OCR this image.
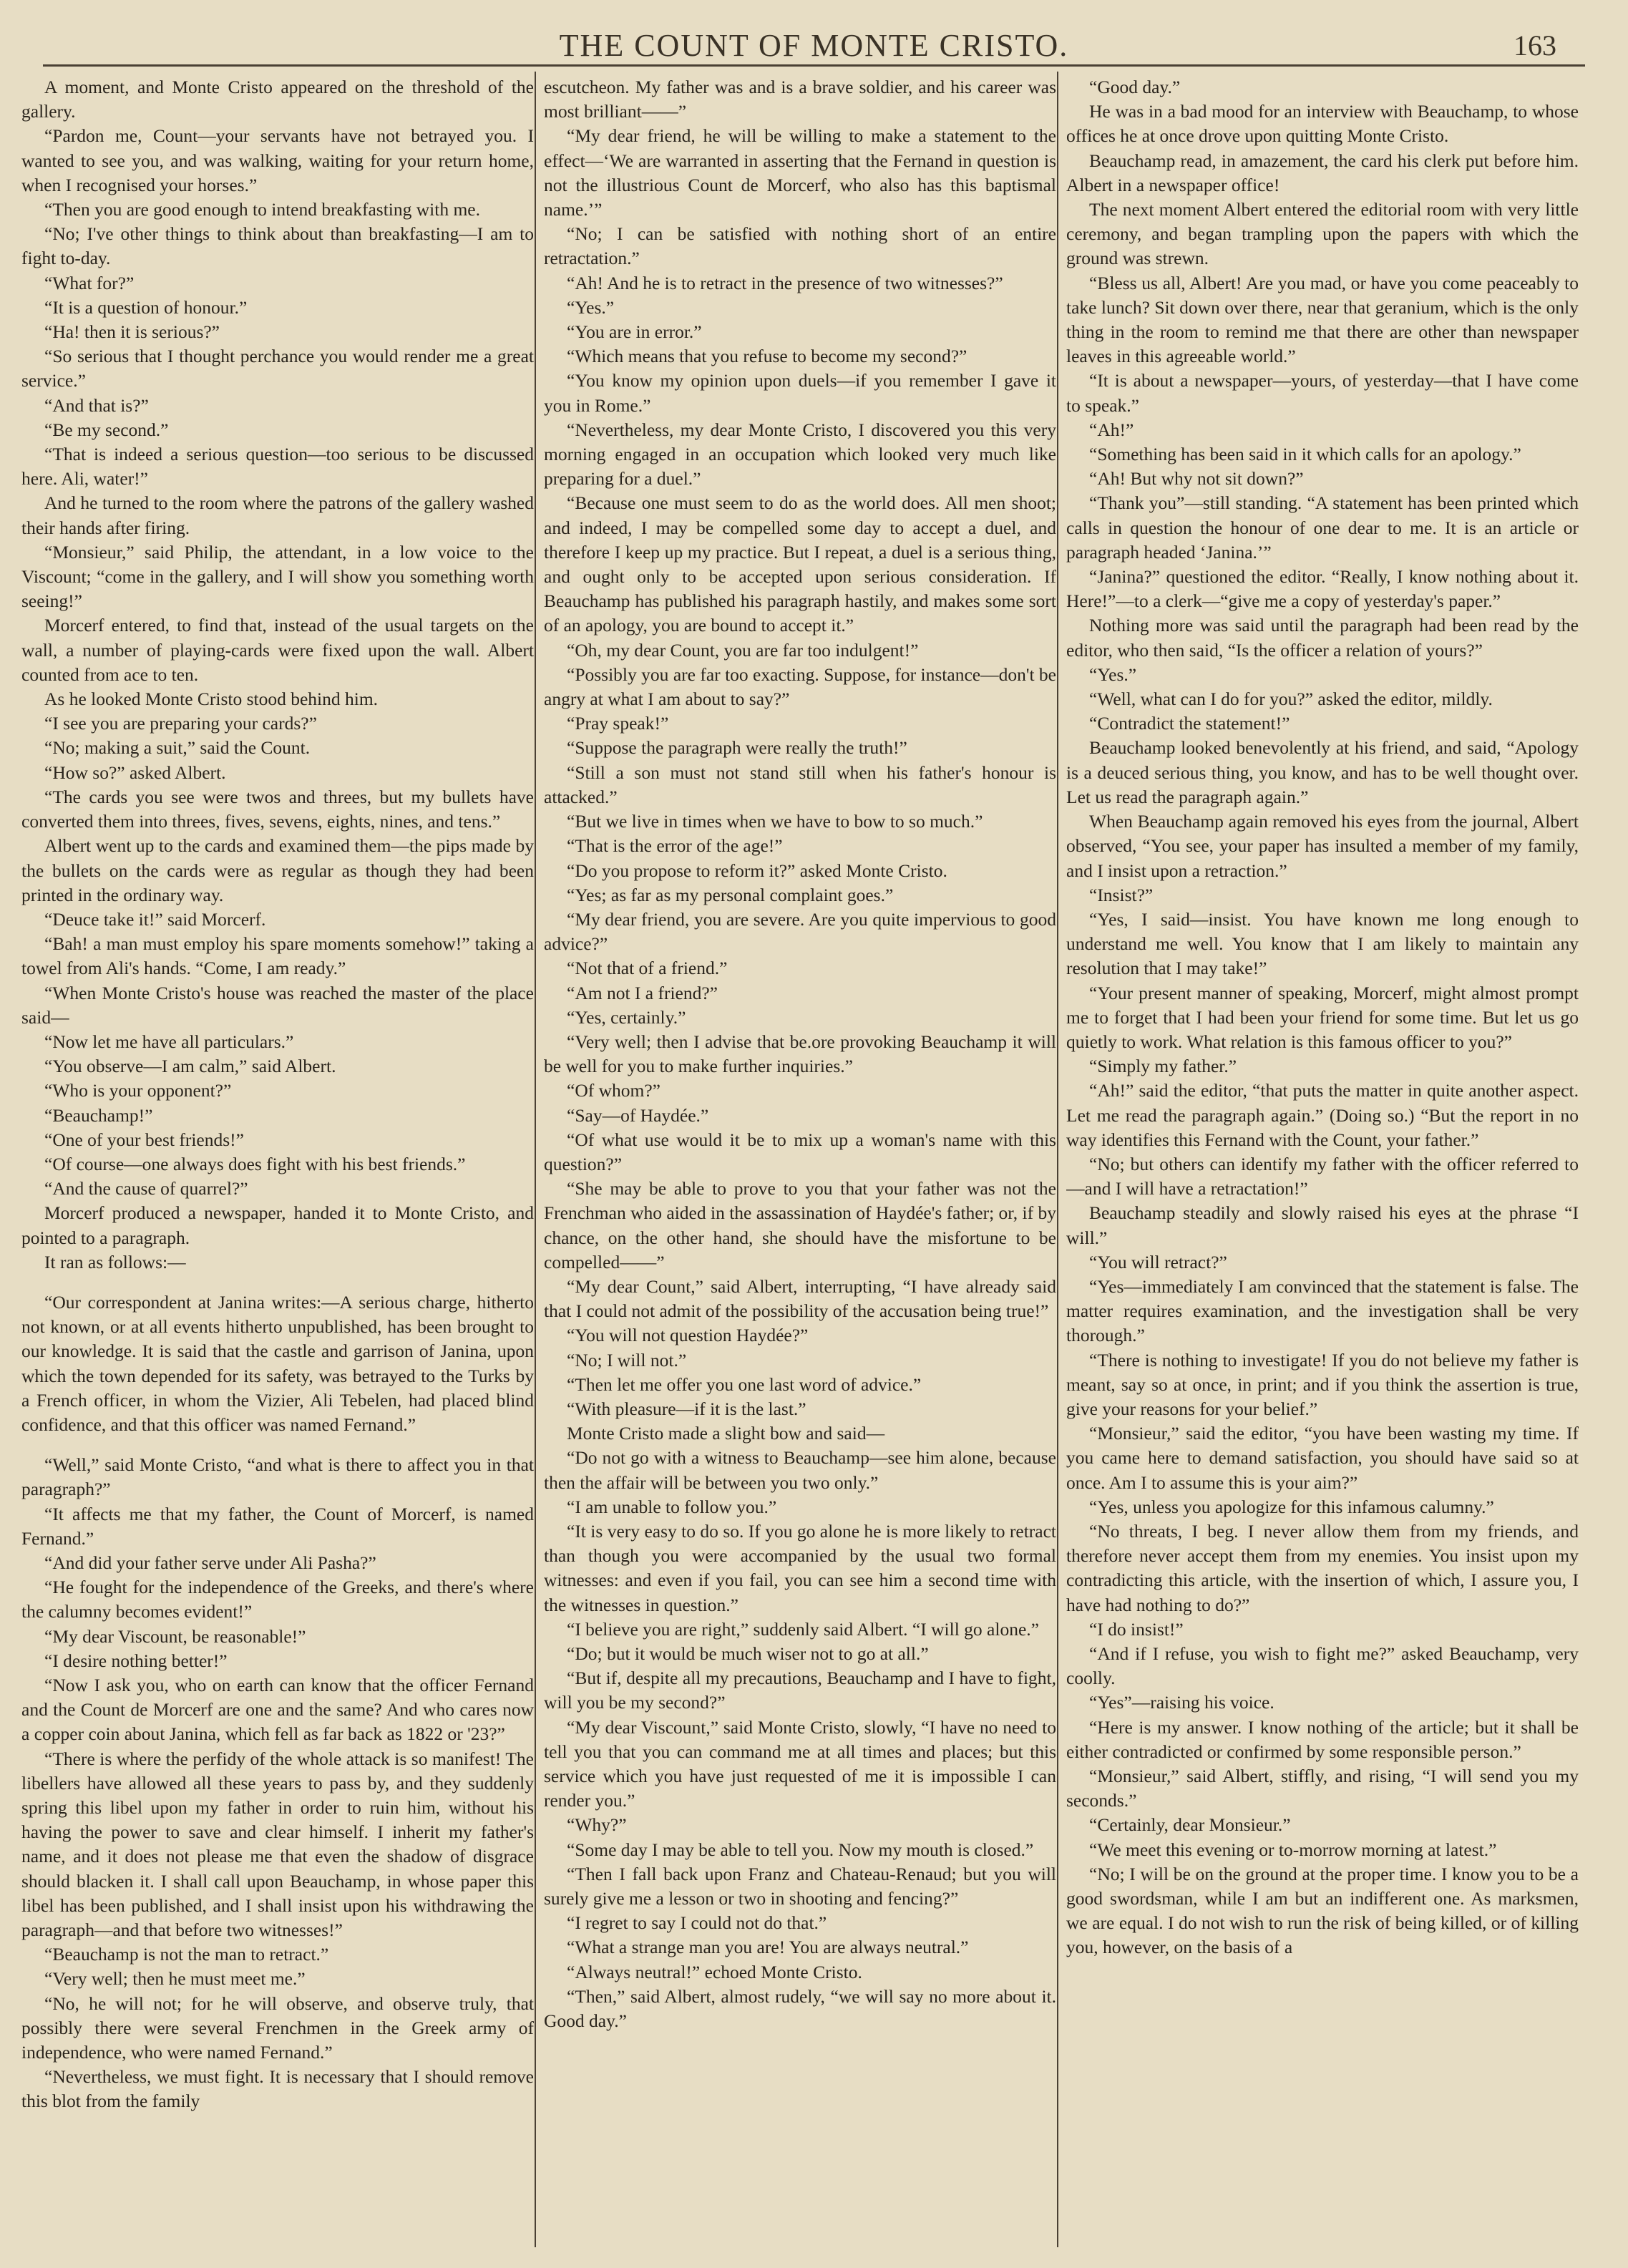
THE COUNT OF MONTE CRISTO.	163

A moment, and Monte Cristo appeared on the threshold of the gallery.

“Pardon me, Count—your servants have not betrayed you. I wanted to see you, and was walking, waiting for your return home, when I recognised your horses.”

“Then you are good enough to intend breakfasting with me.

“No; I've other things to think about than breakfasting—I am to fight to-day.

“What for?”

“It is a question of honour.”

“Ha! then it is serious?”

“So serious that I thought perchance you would render me a great service.”

“And that is?”

“Be my second.”

“That is indeed a serious question—too serious to be discussed here. Ali, water!”

And he turned to the room where the patrons of the gallery washed their hands after firing.

“Monsieur,” said Philip, the attendant, in a low voice to the Viscount; “come in the gallery, and I will show you something worth seeing!”

Morcerf entered, to find that, instead of the usual targets on the wall, a number of playing-cards were fixed upon the wall. Albert counted from ace to ten.

As he looked Monte Cristo stood behind him.

“I see you are preparing your cards?”

“No; making a suit,” said the Count.

“How so?” asked Albert.

“The cards you see were twos and threes, but my bullets have converted them into threes, fives, sevens, eights, nines, and tens.”

Albert went up to the cards and examined them—the pips made by the bullets on the cards were as regular as though they had been printed in the ordinary way.

“Deuce take it!” said Morcerf.

“Bah! a man must employ his spare moments somehow!” taking a towel from Ali's hands. “Come, I am ready.”

“When Monte Cristo's house was reached the master of the place said—

“Now let me have all particulars.”

“You observe—I am calm,” said Albert.

“Who is your opponent?”

“Beauchamp!”

“One of your best friends!”

“Of course—one always does fight with his best friends.”

“And the cause of quarrel?”

Morcerf produced a newspaper, handed it to Monte Cristo, and pointed to a paragraph.

It ran as follows:—

“Our correspondent at Janina writes:—A serious charge, hitherto not known, or at all events hitherto unpublished, has been brought to our knowledge. It is said that the castle and garrison of Janina, upon which the town depended for its safety, was betrayed to the Turks by a French officer, in whom the Vizier, Ali Tebelen, had placed blind confidence, and that this officer was named Fernand.”

“Well,” said Monte Cristo, “and what is there to affect you in that paragraph?”

“It affects me that my father, the Count of Morcerf, is named Fernand.”

“And did your father serve under Ali Pasha?”

“He fought for the independence of the Greeks, and there's where the calumny becomes evident!”

“My dear Viscount, be reasonable!”

“I desire nothing better!”

“Now I ask you, who on earth can know that the officer Fernand and the Count de Morcerf are one and the same? And who cares now a copper coin about Janina, which fell as far back as 1822 or '23?”

“There is where the perfidy of the whole attack is so manifest! The libellers have allowed all these years to pass by, and they suddenly spring this libel upon my father in order to ruin him, without his having the power to save and clear himself. I inherit my father's name, and it does not please me that even the shadow of disgrace should blacken it. I shall call upon Beauchamp, in whose paper this libel has been published, and I shall insist upon his withdrawing the paragraph—and that before two witnesses!”

“Beauchamp is not the man to retract.”

“Very well; then he must meet me.”

“No, he will not; for he will observe, and observe truly, that possibly there were several Frenchmen in the Greek army of independence, who were named Fernand.”

“Nevertheless, we must fight. It is necessary that I should remove this blot from the family

escutcheon. My father was and is a brave soldier, and his career was most brilliant——”

“My dear friend, he will be willing to make a statement to the effect—‘We are warranted in asserting that the Fernand in question is not the illustrious Count de Morcerf, who also has this baptismal name.’”

“No; I can be satisfied with nothing short of an entire retractation.”

“Ah! And he is to retract in the presence of two witnesses?”

“Yes.”

“You are in error.”

“Which means that you refuse to become my second?”

“You know my opinion upon duels—if you remember I gave it you in Rome.”

“Nevertheless, my dear Monte Cristo, I discovered you this very morning engaged in an occupation which looked very much like preparing for a duel.”

“Because one must seem to do as the world does. All men shoot; and indeed, I may be compelled some day to accept a duel, and therefore I keep up my practice. But I repeat, a duel is a serious thing, and ought only to be accepted upon serious consideration. If Beauchamp has published his paragraph hastily, and makes some sort of an apology, you are bound to accept it.”

“Oh, my dear Count, you are far too indulgent!”

“Possibly you are far too exacting. Suppose, for instance—don't be angry at what I am about to say?”

“Pray speak!”

“Suppose the paragraph were really the truth!”

“Still a son must not stand still when his father's honour is attacked.”

“But we live in times when we have to bow to so much.”

“That is the error of the age!”

“Do you propose to reform it?” asked Monte Cristo.

“Yes; as far as my personal complaint goes.”

“My dear friend, you are severe. Are you quite impervious to good advice?”

“Not that of a friend.”

“Am not I a friend?”

“Yes, certainly.”

“Very well; then I advise that be.ore provoking Beauchamp it will be well for you to make further inquiries.”

“Of whom?”

“Say—of Haydée.”

“Of what use would it be to mix up a woman's name with this question?”

“She may be able to prove to you that your father was not the Frenchman who aided in the assassination of Haydée's father; or, if by chance, on the other hand, she should have the misfortune to be compelled——”

“My dear Count,” said Albert, interrupting, “I have already said that I could not admit of the possibility of the accusation being true!”

“You will not question Haydée?”

“No; I will not.”

“Then let me offer you one last word of advice.”

“With pleasure—if it is the last.”

Monte Cristo made a slight bow and said—

“Do not go with a witness to Beauchamp—see him alone, because then the affair will be between you two only.”

“I am unable to follow you.”

“It is very easy to do so. If you go alone he is more likely to retract than though you were accompanied by the usual two formal witnesses: and even if you fail, you can see him a second time with the witnesses in question.”

“I believe you are right,” suddenly said Albert. “I will go alone.”

“Do; but it would be much wiser not to go at all.”

“But if, despite all my precautions, Beauchamp and I have to fight, will you be my second?”

“My dear Viscount,” said Monte Cristo, slowly, “I have no need to tell you that you can command me at all times and places; but this service which you have just requested of me it is impossible I can render you.”

“Why?”

“Some day I may be able to tell you. Now my mouth is closed.”

“Then I fall back upon Franz and Chateau-Renaud; but you will surely give me a lesson or two in shooting and fencing?”

“I regret to say I could not do that.”

“What a strange man you are! You are always neutral.”

“Always neutral!” echoed Monte Cristo.

“Then,” said Albert, almost rudely, “we will say no more about it. Good day.”

“Good day.”

He was in a bad mood for an interview with Beauchamp, to whose offices he at once drove upon quitting Monte Cristo.

Beauchamp read, in amazement, the card his clerk put before him. Albert in a newspaper office!

The next moment Albert entered the editorial room with very little ceremony, and began trampling upon the papers with which the ground was strewn.

“Bless us all, Albert! Are you mad, or have you come peaceably to take lunch? Sit down over there, near that geranium, which is the only thing in the room to remind me that there are other than newspaper leaves in this agreeable world.”

“It is about a newspaper—yours, of yesterday—that I have come to speak.”

“Ah!”

“Something has been said in it which calls for an apology.”

“Ah! But why not sit down?”

“Thank you”—still standing. “A statement has been printed which calls in question the honour of one dear to me. It is an article or paragraph headed ‘Janina.’”

“Janina?” questioned the editor. “Really, I know nothing about it. Here!”—to a clerk—“give me a copy of yesterday's paper.”

Nothing more was said until the paragraph had been read by the editor, who then said, “Is the officer a relation of yours?”

“Yes.”

“Well, what can I do for you?” asked the editor, mildly.

“Contradict the statement!”

Beauchamp looked benevolently at his friend, and said, “Apology is a deuced serious thing, you know, and has to be well thought over. Let us read the paragraph again.”

When Beauchamp again removed his eyes from the journal, Albert observed, “You see, your paper has insulted a member of my family, and I insist upon a retraction.”

“Insist?”

“Yes, I said—insist. You have known me long enough to understand me well. You know that I am likely to maintain any resolution that I may take!”

“Your present manner of speaking, Morcerf, might almost prompt me to forget that I had been your friend for some time. But let us go quietly to work. What relation is this famous officer to you?”

“Simply my father.”

“Ah!” said the editor, “that puts the matter in quite another aspect. Let me read the paragraph again.” (Doing so.) “But the report in no way identifies this Fernand with the Count, your father.”

“No; but others can identify my father with the officer referred to—and I will have a retractation!”

Beauchamp steadily and slowly raised his eyes at the phrase “I will.”

“You will retract?”

“Yes—immediately I am convinced that the statement is false. The matter requires examination, and the investigation shall be very thorough.”

“There is nothing to investigate! If you do not believe my father is meant, say so at once, in print; and if you think the assertion is true, give your reasons for your belief.”

“Monsieur,” said the editor, “you have been wasting my time. If you came here to demand satisfaction, you should have said so at once. Am I to assume this is your aim?”

“Yes, unless you apologize for this infamous calumny.”

“No threats, I beg. I never allow them from my friends, and therefore never accept them from my enemies. You insist upon my contradicting this article, with the insertion of which, I assure you, I have had nothing to do?”

“I do insist!”

“And if I refuse, you wish to fight me?” asked Beauchamp, very coolly.

“Yes”—raising his voice.

“Here is my answer. I know nothing of the article; but it shall be either contradicted or confirmed by some responsible person.”

“Monsieur,” said Albert, stiffly, and rising, “I will send you my seconds.”

“Certainly, dear Monsieur.”

“We meet this evening or to-morrow morning at latest.”

“No; I will be on the ground at the proper time. I know you to be a good swordsman, while I am but an indifferent one. As marksmen, we are equal. I do not wish to run the risk of being killed, or of killing you, however, on the basis of a
